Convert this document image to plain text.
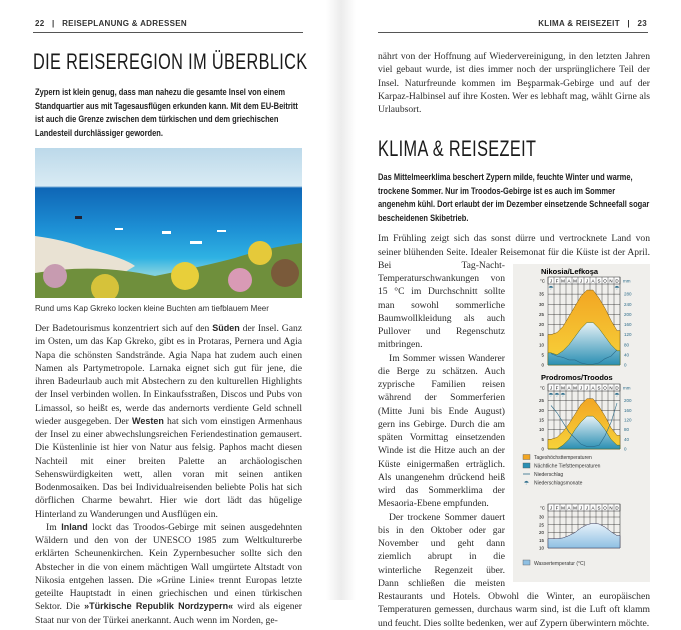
22 | REISEPLANUNG & ADRESSEN
DIE REISEREGION IM ÜBERBLICK
Zypern ist klein genug, dass man nahezu die gesamte Insel von einem Standquartier aus mit Tagesausflügen erkunden kann. Mit dem EU-Beitritt ist auch die Grenze zwischen dem türkischen und dem griechischen Landesteil durchlässiger geworden.
Rund ums Kap Gkreko locken kleine Buchten am tiefblauem Meer

Der Badetourismus konzentriert sich auf den Süden der Insel. Ganz im Osten, um das Kap Gkreko, gibt es in Protaras, Pernera und Agia Napa die schönsten Sandstrände. Agia Napa hat zudem auch einen Namen als Partymetropole. Larnaka eignet sich gut für jene, die ihren Badeurlaub auch mit Abstechern zu den kulturellen Highlights der Insel verbinden wollen. In Einkaufsstraßen, Discos und Pubs von Limassol, so heißt es, werde das andernorts verdiente Geld schnell wieder ausgegeben. Der Westen hat sich vom einstigen Armenhaus der Insel zu einer abwechslungsreichen Feriendestination gemausert. Die Küstenlinie ist hier von Natur aus felsig. Paphos macht diesen Nachteil mit einer breiten Palette an archäologischen Sehenswürdigkeiten wett, allen voran mit seinen antiken Bodenmosaiken. Das bei Individualreisenden beliebte Polis hat sich dörflichen Charme bewahrt. Hier wie dort lädt das hügelige Hinterland zu Wanderungen und Ausflügen ein.

Im Inland lockt das Troodos-Gebirge mit seinen ausgedehnten Wäldern und den von der UNESCO 1985 zum Weltkulturerbe erklärten Scheunenkirchen. Kein Zypernbesucher sollte sich den Abstecher in die von einem mächtigen Wall umgürtete Altstadt von Nikosia entgehen lassen. Die »Grüne Linie« trennt Europas letzte geteilte Hauptstadt in einen griechischen und einen türkischen Sektor. Die »Türkische Republik Nordzypern« wird als eigener Staat nur von der Türkei anerkannt. Auch wenn im Norden, ge-

KLIMA & REISEZEIT | 23
nährt von der Hoffnung auf Wiedervereinigung, in den letzten Jahren viel gebaut wurde, ist dies immer noch der ursprünglichere Teil der Insel. Naturfreunde kommen im Beşparmak-Gebirge und auf der Karpaz-Halbinsel auf ihre Kosten. Wer es lebhaft mag, wählt Girne als Urlaubsort.
KLIMA & REISEZEIT
Das Mittelmeerklima beschert Zypern milde, feuchte Winter und warme, trockene Sommer. Nur im Troodos-Gebirge ist es auch im Sommer angenehm kühl. Dort erlaubt der im Dezember einsetzende Schneefall sogar bescheidenen Skibetrieb.
Nikosia/Lefkoşa
°C	mm
J F M A M J J A S O N D
0
5
10
15
20
25
30
35
0
40
80
120
160
200
240
280
☂	☂
Prodromos/Troodos
°C	mm
J F M A M J J A S O N D
0
5
10
15
20
25
0
40
80
120
160
200
☂ ☂ ☂	☂
Tageshöchsttemperaturen
Nächtliche Tiefsttemperaturen
Niederschlag
☂ Niederschlagsmonate
°C J F M A M J J A S O N D
10
15
20
25
30
Wassertemperatur (°C)

Im Frühling zeigt sich das sonst dürre und vertrocknete Land von seiner blühenden Seite. Idealer Reisemonat für die Küste ist der April. Bei Tag-Nacht-Temperaturschwankungen von 15 °C im Durchschnitt sollte man sowohl sommerliche Baumwollkleidung als auch Pullover und Regenschutz mitbringen.

Im Sommer wissen Wanderer die Berge zu schätzen. Auch zyprische Familien reisen während der Sommerferien (Mitte Juni bis Ende August) gern ins Gebirge. Durch die am späten Vormittag einsetzenden Winde ist die Hitze auch an der Küste einigermaßen erträglich. Als unangenehm drückend heiß wird das Sommerklima der Mesaoria-Ebene empfunden.

Der trockene Sommer dauert bis in den Oktober oder gar November und geht dann ziemlich abrupt in die winterliche Regenzeit über. Dann schließen die meisten Restaurants und Hotels. Obwohl die Winter, an europäischen Temperaturen gemessen, durchaus warm sind, ist die Luft oft klamm und feucht. Dies sollte bedenken, wer auf Zypern überwintern möchte.
